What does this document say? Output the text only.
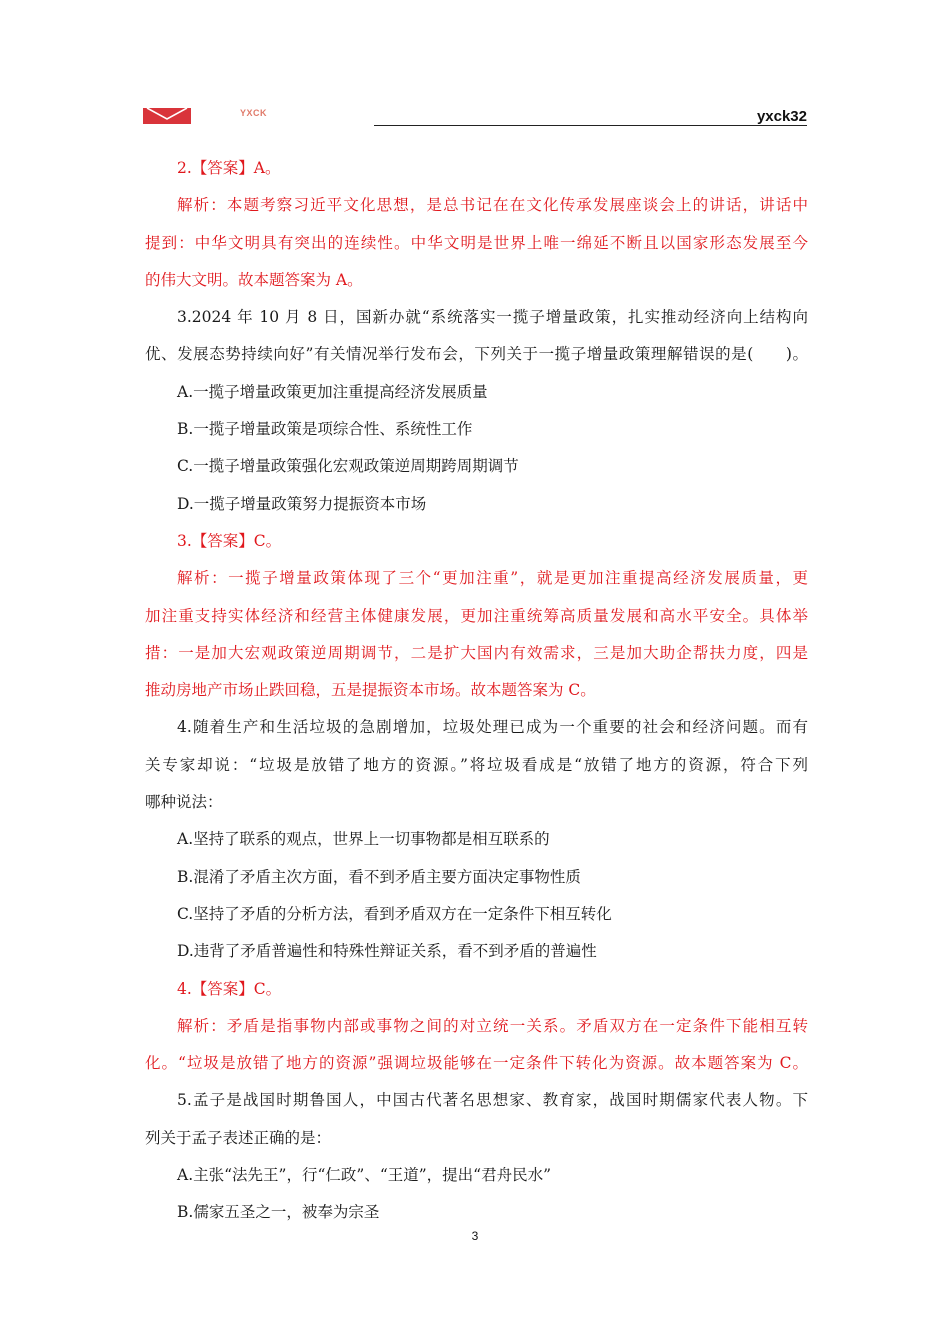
YXCK	yxck32
2.【答案】A。
解析：本题考察习近平文化思想，是总书记在在文化传承发展座谈会上的讲话，讲话中
提到：中华文明具有突出的连续性。中华文明是世界上唯一绵延不断且以国家形态发展至今
的伟大文明。故本题答案为 A。
3.2024 年 10 月 8 日，国新办就“系统落实一揽子增量政策，扎实推动经济向上结构向
优、发展态势持续向好”有关情况举行发布会，下列关于一揽子增量政策理解错误的是(　　)。
A.一揽子增量政策更加注重提高经济发展质量
B.一揽子增量政策是项综合性、系统性工作
C.一揽子增量政策强化宏观政策逆周期跨周期调节
D.一揽子增量政策努力提振资本市场
3.【答案】C。
解析：一揽子增量政策体现了三个“更加注重”，就是更加注重提高经济发展质量，更
加注重支持实体经济和经营主体健康发展，更加注重统筹高质量发展和高水平安全。具体举
措：一是加大宏观政策逆周期调节，二是扩大国内有效需求，三是加大助企帮扶力度，四是
推动房地产市场止跌回稳，五是提振资本市场。故本题答案为 C。
4.随着生产和生活垃圾的急剧增加，垃圾处理已成为一个重要的社会和经济问题。而有
关专家却说：“垃圾是放错了地方的资源。”将垃圾看成是“放错了地方的资源，符合下列
哪种说法：
A.坚持了联系的观点，世界上一切事物都是相互联系的
B.混淆了矛盾主次方面，看不到矛盾主要方面决定事物性质
C.坚持了矛盾的分析方法，看到矛盾双方在一定条件下相互转化
D.违背了矛盾普遍性和特殊性辩证关系，看不到矛盾的普遍性
4.【答案】C。
解析：矛盾是指事物内部或事物之间的对立统一关系。矛盾双方在一定条件下能相互转
化。“垃圾是放错了地方的资源”强调垃圾能够在一定条件下转化为资源。故本题答案为 C。
5.孟子是战国时期鲁国人，中国古代著名思想家、教育家，战国时期儒家代表人物。下
列关于孟子表述正确的是：
A.主张“法先王”，行“仁政”、“王道”，提出“君舟民水”
B.儒家五圣之一，被奉为宗圣
3
